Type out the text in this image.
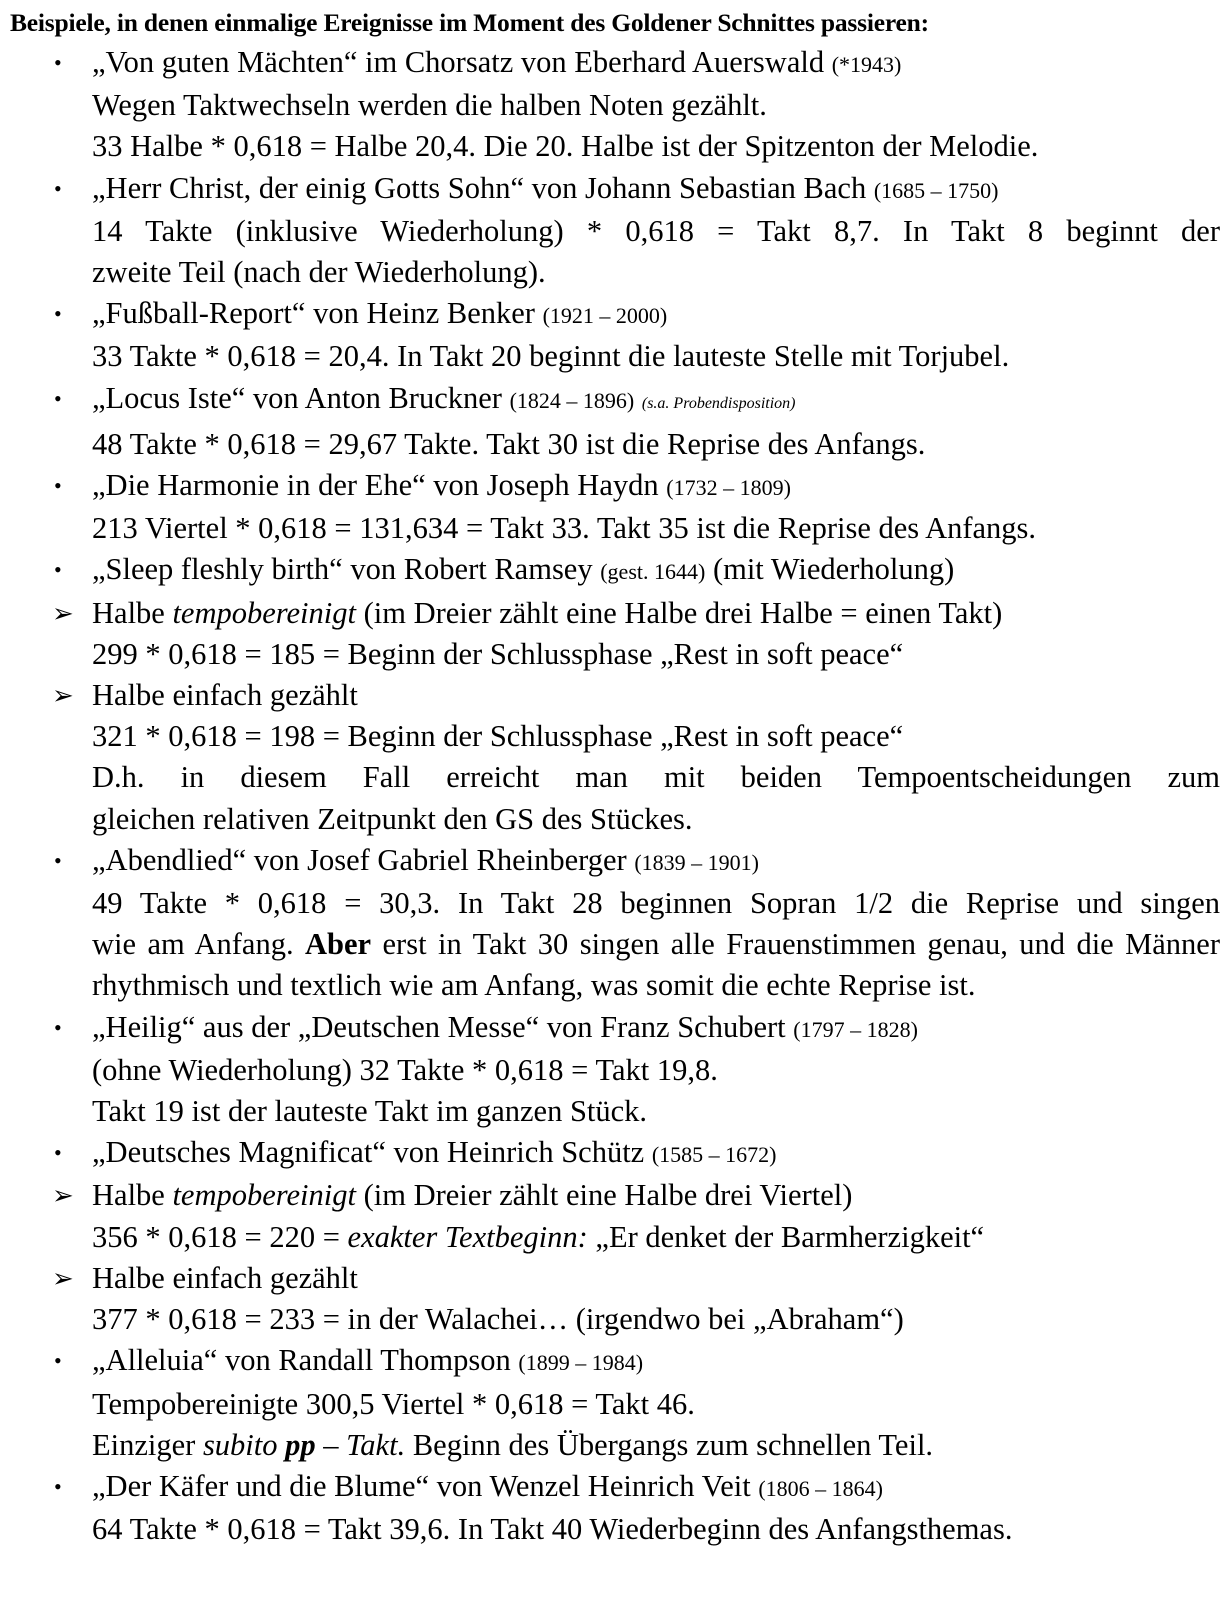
Beispiele, in denen einmalige Ereignisse im Moment des Goldener Schnittes passieren:
• „Von guten Mächten“ im Chorsatz von Eberhard Auerswald (*1943)
Wegen Taktwechseln werden die halben Noten gezählt.
33 Halbe * 0,618 = Halbe 20,4. Die 20. Halbe ist der Spitzenton der Melodie.
• „Herr Christ, der einig Gotts Sohn“ von Johann Sebastian Bach (1685 – 1750)
14 Takte (inklusive Wiederholung) * 0,618 = Takt 8,7. In Takt 8 beginnt der
zweite Teil (nach der Wiederholung).
• „Fußball-Report“ von Heinz Benker (1921 – 2000)
33 Takte * 0,618 = 20,4. In Takt 20 beginnt die lauteste Stelle mit Torjubel.
• „Locus Iste“ von Anton Bruckner (1824 – 1896) (s.a. Probendisposition)
48 Takte * 0,618 = 29,67 Takte. Takt 30 ist die Reprise des Anfangs.
• „Die Harmonie in der Ehe“ von Joseph Haydn (1732 – 1809)
213 Viertel * 0,618 = 131,634 = Takt 33. Takt 35 ist die Reprise des Anfangs.
• „Sleep fleshly birth“ von Robert Ramsey (gest. 1644) (mit Wiederholung)
➢ Halbe tempobereinigt (im Dreier zählt eine Halbe drei Halbe = einen Takt)
299 * 0,618 = 185 = Beginn der Schlussphase „Rest in soft peace“
➢ Halbe einfach gezählt
321 * 0,618 = 198 = Beginn der Schlussphase „Rest in soft peace“
D.h. in diesem Fall erreicht man mit beiden Tempoentscheidungen zum
gleichen relativen Zeitpunkt den GS des Stückes.
• „Abendlied“ von Josef Gabriel Rheinberger (1839 – 1901)
49 Takte * 0,618 = 30,3. In Takt 28 beginnen Sopran 1/2 die Reprise und singen
wie am Anfang. Aber erst in Takt 30 singen alle Frauenstimmen genau, und die Männer rhythmisch und textlich wie am Anfang, was somit die echte Reprise ist.
• „Heilig“ aus der „Deutschen Messe“ von Franz Schubert (1797 – 1828)
(ohne Wiederholung) 32 Takte * 0,618 = Takt 19,8.
Takt 19 ist der lauteste Takt im ganzen Stück.
• „Deutsches Magnificat“ von Heinrich Schütz (1585 – 1672)
➢ Halbe tempobereinigt (im Dreier zählt eine Halbe drei Viertel)
356 * 0,618 = 220 = exakter Textbeginn: „Er denket der Barmherzigkeit“
➢ Halbe einfach gezählt
377 * 0,618 = 233 = in der Walachei… (irgendwo bei „Abraham“)
• „Alleluia“ von Randall Thompson (1899 – 1984)
Tempobereinigte 300,5 Viertel * 0,618 = Takt 46.
Einziger subito pp – Takt. Beginn des Übergangs zum schnellen Teil.
• „Der Käfer und die Blume“ von Wenzel Heinrich Veit (1806 – 1864)
64 Takte * 0,618 = Takt 39,6. In Takt 40 Wiederbeginn des Anfangsthemas.
